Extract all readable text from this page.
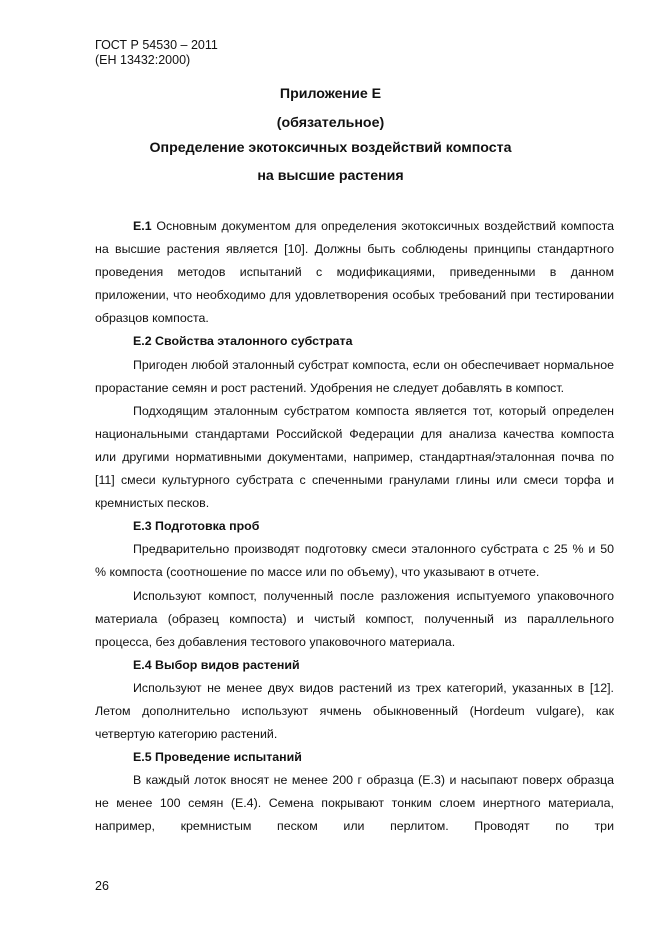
ГОСТ Р 54530 – 2011
(ЕН 13432:2000)
Приложение Е
(обязательное)
Определение экотоксичных воздействий компоста
на высшие растения

Е.1 Основным документом для определения экотоксичных воздействий компоста на высшие растения является [10]. Должны быть соблюдены принципы стандартного проведения методов испытаний с модификациями, приведенными в данном приложении, что необходимо для удовлетворения особых требований при тестировании образцов компоста.

Е.2 Свойства эталонного субстрата

Пригоден любой эталонный субстрат компоста, если он обеспечивает нормальное прорастание семян и рост растений. Удобрения не следует добавлять в компост.

Подходящим эталонным субстратом компоста является тот, который определен национальными стандартами Российской Федерации для анализа качества компоста или другими нормативными документами, например, стандартная/эталонная почва по [11] смеси культурного субстрата с спеченными гранулами глины или смеси торфа и кремнистых песков.

Е.3 Подготовка проб

Предварительно производят подготовку смеси эталонного субстрата с 25 % и 50 % компоста (соотношение по массе или по объему), что указывают в отчете.

Используют компост, полученный после разложения испытуемого упаковочного материала (образец компоста) и чистый компост, полученный из параллельного процесса, без добавления тестового упаковочного материала.

Е.4 Выбор видов растений

Используют не менее двух видов растений из трех категорий, указанных в [12]. Летом дополнительно используют ячмень обыкновенный (Hordeum vulgare), как четвертую категорию растений.

Е.5 Проведение испытаний

В каждый лоток вносят не менее 200 г образца (Е.3) и насыпают поверх образца не менее 100 семян (Е.4). Семена покрывают тонким слоем инертного материала, например, кремнистым песком или перлитом. Проводят по три

26
